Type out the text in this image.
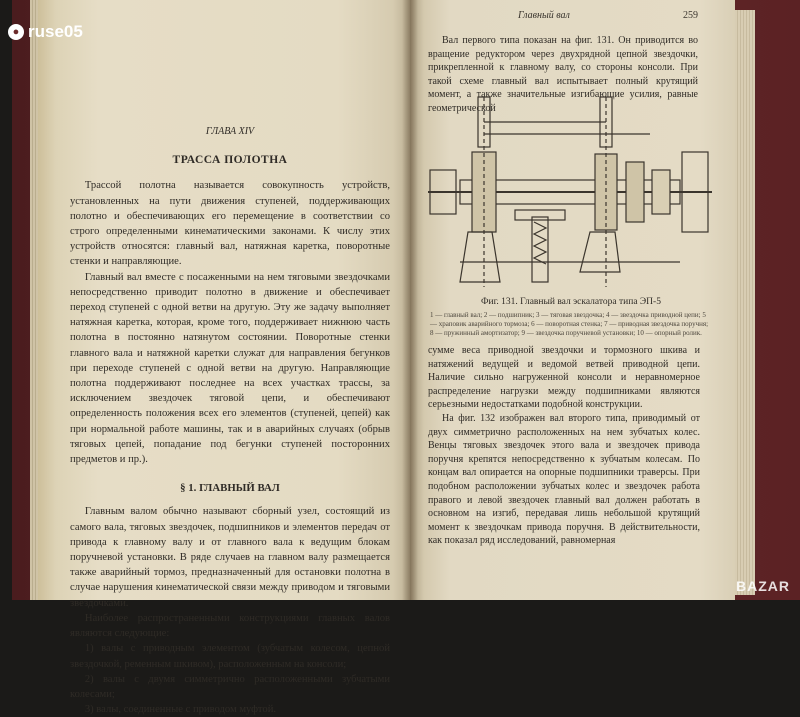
ГЛАВА XIV

ТРАССА ПОЛОТНА

Трассой полотна называется совокупность устройств, установленных на пути движения ступеней, поддерживающих полотно и обеспечивающих его перемещение в соответствии со строго определенными кинематическими законами. К числу этих устройств относятся: главный вал, натяжная каретка, поворотные стенки и направляющие.

Главный вал вместе с посаженными на нем тяговыми звездочками непосредственно приводит полотно в движение и обеспечивает переход ступеней с одной ветви на другую. Эту же задачу выполняет натяжная каретка, которая, кроме того, поддерживает нижнюю часть полотна в постоянно натянутом состоянии. Поворотные стенки главного вала и натяжной каретки служат для направления бегунков при переходе ступеней с одной ветви на другую. Направляющие полотна поддерживают последнее на всех участках трассы, за исключением звездочек тяговой цепи, и обеспечивают определенность положения всех его элементов (ступеней, цепей) как при нормальной работе машины, так и в аварийных случаях (обрыв тяговых цепей, попадание под бегунки ступеней посторонних предметов и пр.).

§ 1. ГЛАВНЫЙ ВАЛ

Главным валом обычно называют сборный узел, состоящий из самого вала, тяговых звездочек, подшипников и элементов передач от привода к главному валу и от главного вала к ведущим блокам поручневой установки. В ряде случаев на главном валу размещается также аварийный тормоз, предназначенный для остановки полотна в случае нарушения кинематической связи между приводом и тяговыми звездочками.

Наиболее распространенными конструкциями главных валов являются следующие:

1) валы с приводным элементом (зубчатым колесом, цепной звездочкой, ременным шкивом), расположенным на консоли;

2) валы с двумя симметрично расположенными зубчатыми колесами;

3) валы, соединенные с приводом муфтой.

Главный вал	259

Вал первого типа показан на фиг. 131. Он приводится во вращение редуктором через двухрядной цепной звездочки, прикрепленной к главному валу, со стороны консоли. При такой схеме главный вал испытывает полный крутящий момент, а также значительные изгибающие усилия, равные геометрической

Фиг. 131. Главный вал эскалатора типа ЭП-5
1 — главный вал; 2 — подшипник; 3 — тяговая звездочка; 4 — звездочка приводной цепи; 5 — храповик аварийного тормоза; 6 — поворотная стенка; 7 — приводная звездочка поручня; 8 — пружинный амортизатор; 9 — звездочка поручневой установки; 10 — опорный ролик.

сумме веса приводной звездочки и тормозного шкива и натяжений ведущей и ведомой ветвей приводной цепи. Наличие сильно нагруженной консоли и неравномерное распределение нагрузки между подшипниками являются серьезными недостатками подобной конструкции.

На фиг. 132 изображен вал второго типа, приводимый от двух симметрично расположенных на нем зубчатых колес. Венцы тяговых звездочек этого вала и звездочек привода поручня крепятся непосредственно к зубчатым колесам. По концам вал опирается на опорные подшипники траверсы. При подобном расположении зубчатых колес и звездочек работа правого и левой звездочек главный вал должен работать в основном на изгиб, передавая лишь небольшой крутящий момент к звездочкам привода поручня. В действительности, как показал ряд исследований, равномерная

● ruse05
BAZAR
